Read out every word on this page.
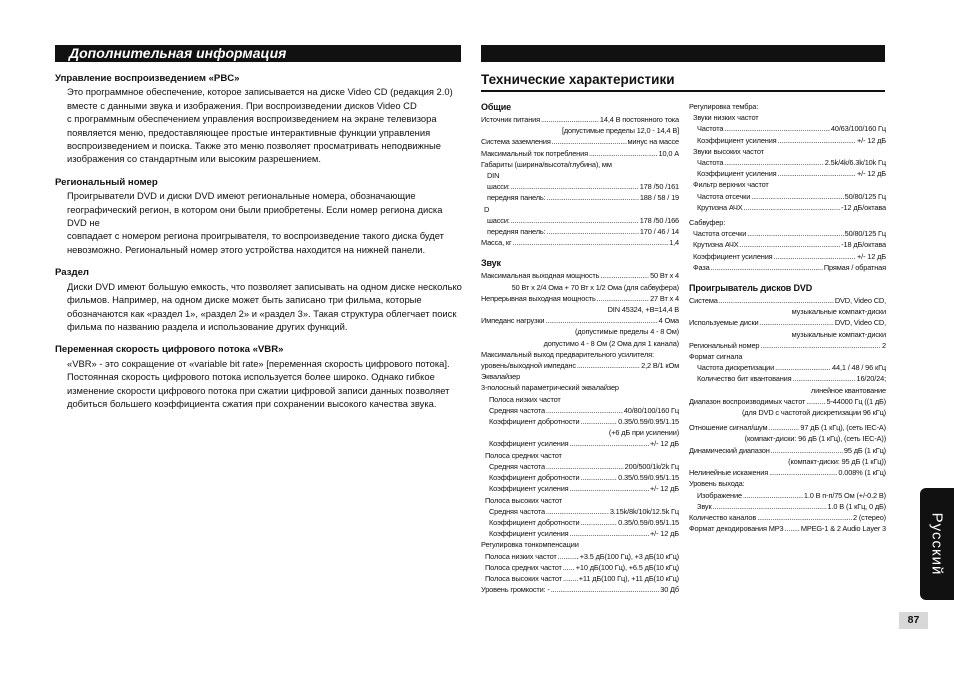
Дополнительная информация
Управление воспроизведением «PBC»

Это программное обеспечение, которое записывается на диске Video CD (редакция 2.0)
вместе с данными звука и изображения. При воспроизведении дисков Video CD
с программным обеспечением управления воспроизведением на экране телевизора
появляется меню, предоставляющее простые интерактивные функции управления
воспроизведением и поиска. Также это меню позволяет просматривать неподвижные
изображения со стандартным или высоким разрешением.

Региональный номер

Проигрыватели DVD и диски DVD имеют региональные номера, обозначающие
географический регион, в котором они были приобретены. Если номер региона диска DVD не
совпадает с номером региона проигрывателя, то воспроизведение такого диска будет
невозможно. Региональный номер этого устройства находится на нижней панели.

Раздел

Диски DVD имеют большую емкость, что позволяет записывать на одном диске несколько
фильмов. Например, на одном диске может быть записано три фильма, которые
обозначаются как «раздел 1», «раздел 2» и «раздел 3». Такая структура облегчает поиск
фильма по названию раздела и использование других функций.

Переменная скорость цифрового потока «VBR»

«VBR» - это сокращение от «variable bit rate» [переменная скорость цифрового потока].
Постоянная скорость цифрового потока используется более широко. Однако гибкое
изменение скорости цифрового потока при сжатии цифровой записи данных позволяет
добиться большего коэффициента сжатия при сохранении высокого качества звука.

Технические характеристики
Общие
Источник питания .....	14,4 В постоянного тока
[допустимые пределы 12,0 - 14,4 В]
Система заземления .....	минус на массе
Максимальный ток потребления .....	10,0 А
Габариты (ширина/высота/глубина), мм
DIN
шасси: .....	178 /50 /161
передняя панель: .....	188 / 58 / 19
D
шасси: .....	178 /50 /166
передняя панель: .....	170 / 46 / 14
Масса, кг .....	1,4
Звук
Максимальная выходная мощность .....	50 Вт х 4
50 Вт х 2/4 Ома + 70 Вт х 1/2 Ома (для сабвуфера)
Непрерывная выходная мощность .....	27 Вт х 4
DIN 45324, +В=14,4 В
Импеданс нагрузки .....	4 Ома
(допустимые пределы 4 - 8 Ом)
допустимо 4 - 8 Ом (2 Ома для 1 канала)
Максимальный выход предварительного усилителя:
уровень/выходной импеданс .....	2,2 В/1 кОм
Эквалайзер
3-полосный параметрический эквалайзер
Полоса низких частот
Средняя частота .....	40/80/100/160 Гц
Коэффициент добротности .....	0.35/0.59/0.95/1.15
(+6 дБ при усилении)
Коэффициент усиления .....	+/- 12 дБ
Полоса средних частот
Средняя частота .....	200/500/1k/2k Гц
Коэффициент добротности .....	0.35/0.59/0.95/1.15
Коэффициент усиления .....	+/- 12 дБ
Полоса высоких частот
Средняя частота .....	3.15k/8k/10k/12.5k Гц
Коэффициент добротности .....	0.35/0.59/0.95/1.15
Коэффициент усиления .....	+/- 12 дБ
Регулировка тонкомпенсации
Полоса низких частот .....	+3.5 дБ(100 Гц), +3 дБ(10 кГц)
Полоса средних частот ..... +10 дБ(100 Гц), +6.5 дБ(10 кГц)
Полоса высоких частот ..... +11 дБ(100 Гц), +11 дБ(10 кГц)
Уровень громкости: - .....	30 Дб
Регулировка тембра:
Звуки низких частот
Частота .....	40/63/100/160 Гц
Коэффициент усиления .....	+/- 12 дБ
Звуки высоких частот
Частота .....	2.5k/4k/6.3k/10k Гц
Коэффициент усиления .....	+/- 12 дБ
Фильтр верхних частот
Частота отсечки .....	50/80/125 Гц
Крутизна АЧХ .....	-12 дБ/октава
Сабвуфер:
Частота отсечки .....	50/80/125 Гц
Крутизна АЧХ .....	-18 дБ/октава
Коэффициент усиления .....	+/- 12 дБ
Фаза .....	Прямая / обратная
Проигрыватель дисков DVD
Система .....	DVD, Video CD,
музыкальные компакт-диски
Используемые диски .....	DVD, Video CD,
музыкальные компакт-диски
Региональный номер .....	2
Формат сигнала
Частота дискретизации .....	44,1 / 48 / 96 кГц
Количество бит квантования .....	16/20/24;
линейное квантование
Диапазон воспроизводимых частот .....	5-44000 Гц ((1 дБ)
(для DVD с частотой дискретизации 96 кГц)
Отношение сигнал/шум .....	97 дБ (1 кГц), (сеть IEC-A)
(компакт-диски: 96 дБ (1 кГц), (сеть IEC-A))
Динамический диапазон .....	95 дБ (1 кГц)
(компакт-диски: 95 дБ (1 кГц))
Нелинейные искажения .....	0.008% (1 кГц)
Уровень выхода:
Изображение .....	1.0 В п-п/75 Ом (+/-0.2 В)
Звук .....	1.0 В (1 кГц, 0 дБ)
Количество каналов .....	2 (стерео)
Формат декодирования MP3 ..... MPEG-1 & 2 Audio Layer 3	Русский
87
